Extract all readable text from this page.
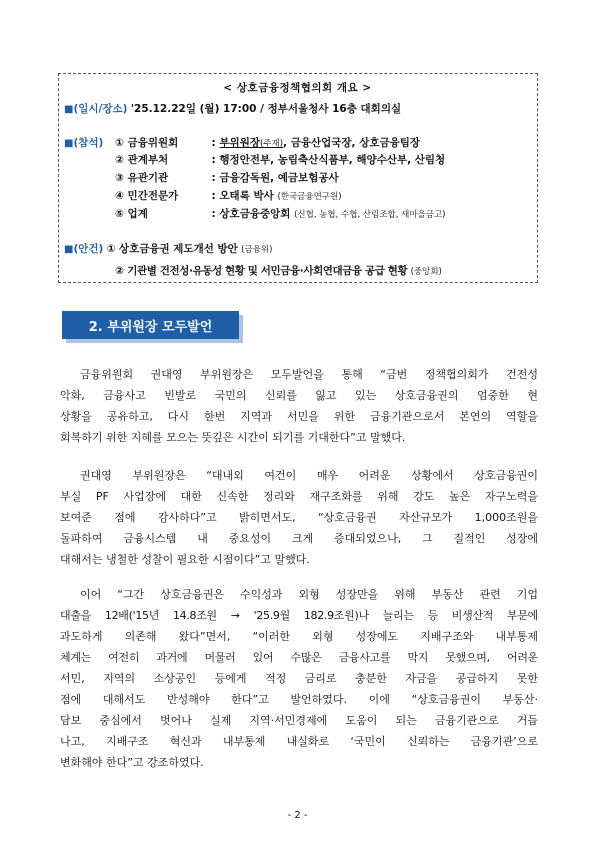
< 상호금융정책협의회 개요 >
■(일시/장소) '25.12.22일 (월) 17:00 / 정부서울청사 16층 대회의실
■(참석) ① 금융위원회	: 부위원장(주재), 금융산업국장, 상호금융팀장
② 관계부처	: 행정안전부, 농림축산식품부, 해양수산부, 산림청
③ 유관기관	: 금융감독원, 예금보험공사
④ 민간전문가	: 오태록 박사 (한국금융연구원)
⑤ 업계	: 상호금융중앙회 (신협, 농협, 수협, 산림조합, 새마을금고)
■(안건) ① 상호금융권 제도개선 방안 (금융위)
② 기관별 건전성·유동성 현황 및 서민금융·사회연대금융 공급 현황 (중앙회)
2. 부위원장 모두발언
금융위원회 권대영 부위원장은 모두발언을 통해 “금번 정책협의회가 건전성
악화, 금융사고 빈발로 국민의 신뢰를 잃고 있는 상호금융권의 엄중한 현
상황을 공유하고, 다시 한번 지역과 서민을 위한 금융기관으로서 본연의 역할을
회복하기 위한 지혜를 모으는 뜻깊은 시간이 되기를 기대한다”고 말했다.
권대영 부위원장은 “대내외 여건이 매우 어려운 상황에서 상호금융권이
부실 PF 사업장에 대한 신속한 정리와 재구조화를 위해 강도 높은 자구노력을
보여준 점에 감사하다”고 밝히면서도, “상호금융권 자산규모가 1,000조원을
돌파하여 금융시스템 내 중요성이 크게 증대되었으나, 그 질적인 성장에
대해서는 냉철한 성찰이 필요한 시점이다”고 말했다.
이어 “그간 상호금융권은 수익성과 외형 성장만을 위해 부동산 관련 기업
대출을 12배('15년 14.8조원 → '25.9월 182.9조원)나 늘리는 등 비생산적 부문에
과도하게 의존해 왔다”면서, “이러한 외형 성장에도 지배구조와 내부통제
체계는 여전히 과거에 머물러 있어 수많은 금융사고를 막지 못했으며, 어려운
서민, 지역의 소상공인 등에게 적정 금리로 충분한 자금을 공급하지 못한
점에 대해서도 반성해야 한다”고 발언하였다. 이에 “상호금융권이 부동산·
담보 중심에서 벗어나 실제 지역·서민경제에 도움이 되는 금융기관으로 거듭
나고, 지배구조 혁신과 내부통제 내실화로 ‘국민이 신뢰하는 금융기관’으로
변화해야 한다”고 강조하였다.
- 2 -
